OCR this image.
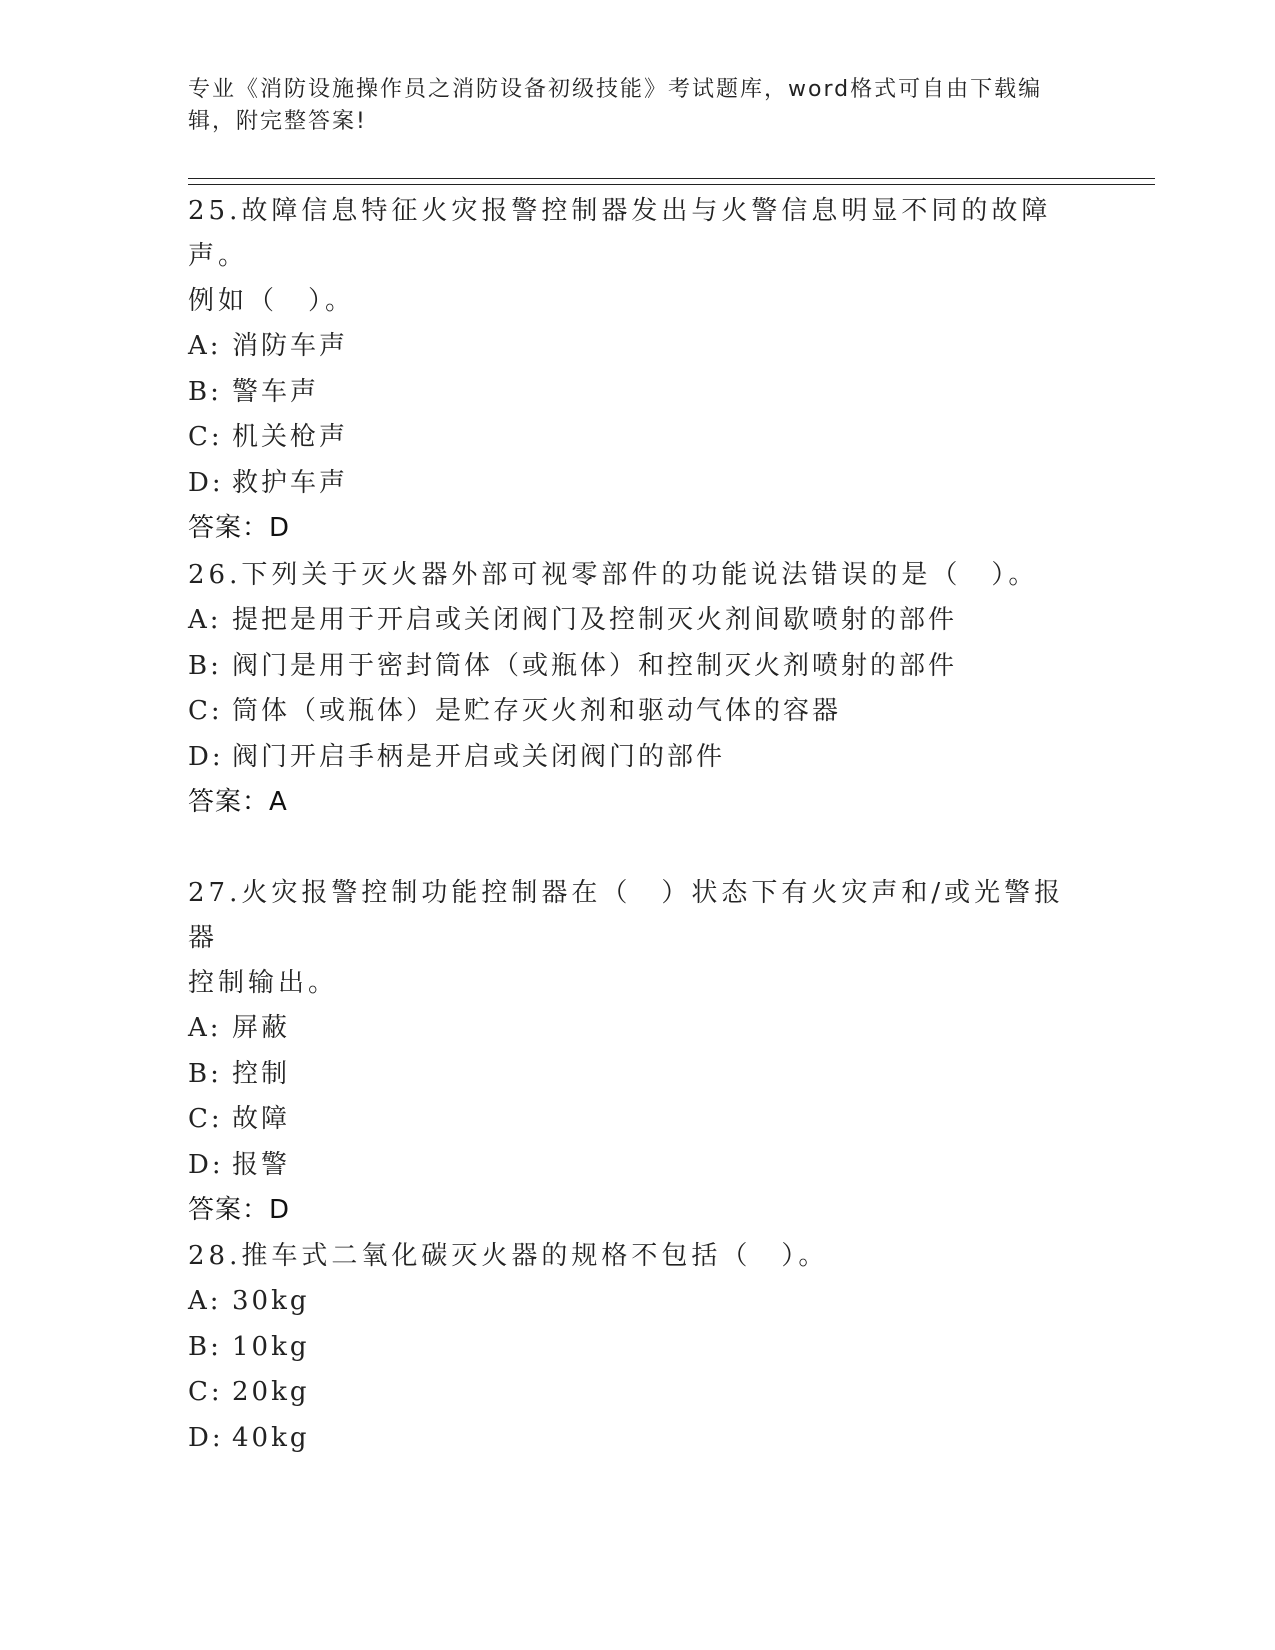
专业《消防设施操作员之消防设备初级技能》考试题库，word格式可自由下载编
辑，附完整答案!

25.故障信息特征火灾报警控制器发出与火警信息明显不同的故障声。

例如（　）。

A: 消防车声

B: 警车声

C: 机关枪声

D: 救护车声

答案：D

26.下列关于灭火器外部可视零部件的功能说法错误的是（　）。

A: 提把是用于开启或关闭阀门及控制灭火剂间歇喷射的部件

B: 阀门是用于密封筒体（或瓶体）和控制灭火剂喷射的部件

C: 筒体（或瓶体）是贮存灭火剂和驱动气体的容器

D: 阀门开启手柄是开启或关闭阀门的部件

答案：A

27.火灾报警控制功能控制器在（　）状态下有火灾声和/或光警报器

控制输出。

A: 屏蔽

B: 控制

C: 故障

D: 报警

答案：D

28.推车式二氧化碳灭火器的规格不包括（　）。

A: 30kg

B: 10kg

C: 20kg

D: 40kg
